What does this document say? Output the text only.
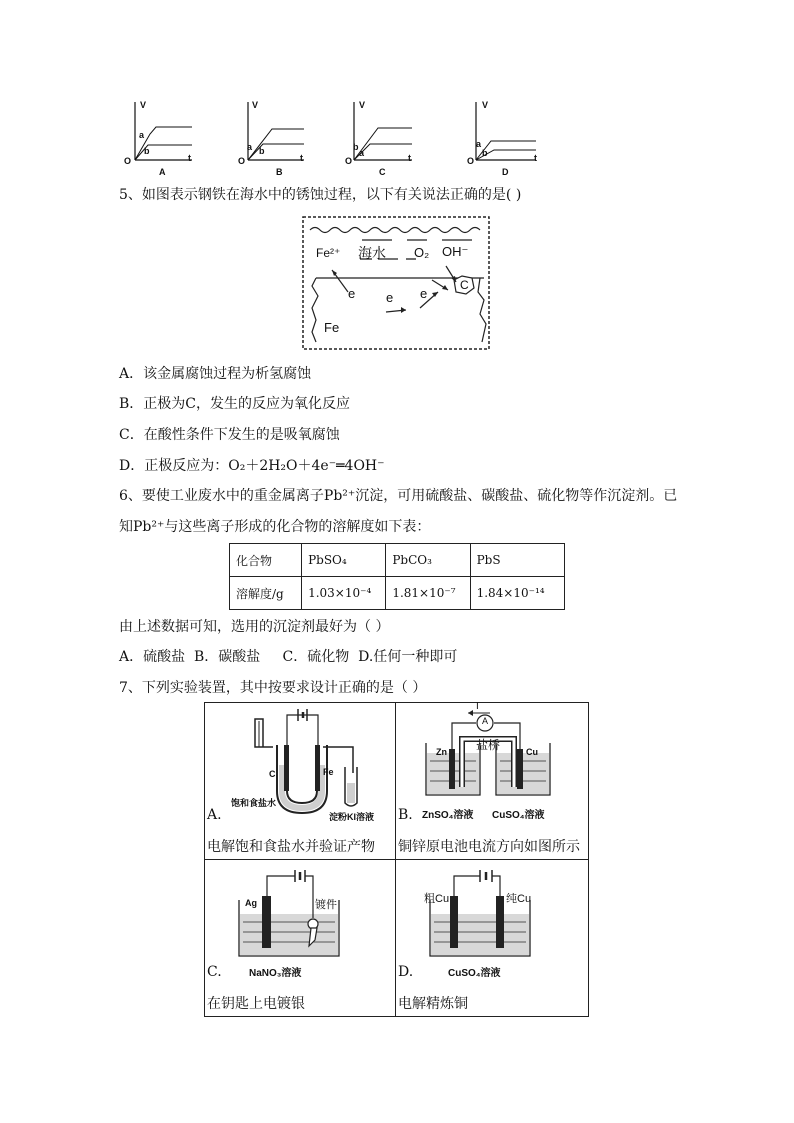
V
O	t
a
b
A
V
O	t
a b
B
V
O	t
b
a
C
V
O	t
a
b
D
5、如图表示钢铁在海水中的锈蚀过程，以下有关说法正确的是( )
Fe²⁺ 海水 O₂ OH⁻
C
e e e
Fe
A．该金属腐蚀过程为析氢腐蚀
B．正极为C，发生的反应为氧化反应
C．在酸性条件下发生的是吸氧腐蚀
D．正极反应为：O₂＋2H₂O＋4e⁻═4OH⁻
6、要使工业废水中的重金属离子Pb²⁺沉淀，可用硫酸盐、碳酸盐、硫化物等作沉淀剂。已
知Pb²⁺与这些离子形成的化合物的溶解度如下表：
化合物	PbSO₄	PbCO₃	PbS
溶解度/g	1.03×10⁻⁴	1.81×10⁻⁷	1.84×10⁻¹⁴
由上述数据可知，选用的沉淀剂最好为（ ）
A．硫酸盐  B．碳酸盐     C．硫化物  D.任何一种即可
7、下列实验装置，其中按要求设计正确的是（ ）
C	Fe
饱和食盐水
淀粉KI溶液
A.
电解饱和食盐水并验证产物
I
A
盐桥
Zn	Cu
ZnSO₄溶液 CuSO₄溶液
B.
铜锌原电池电流方向如图所示
Ag	镀件
NaNO₃溶液
C.
在钥匙上电镀银
粗Cu	纯Cu
CuSO₄溶液
D.
电解精炼铜
